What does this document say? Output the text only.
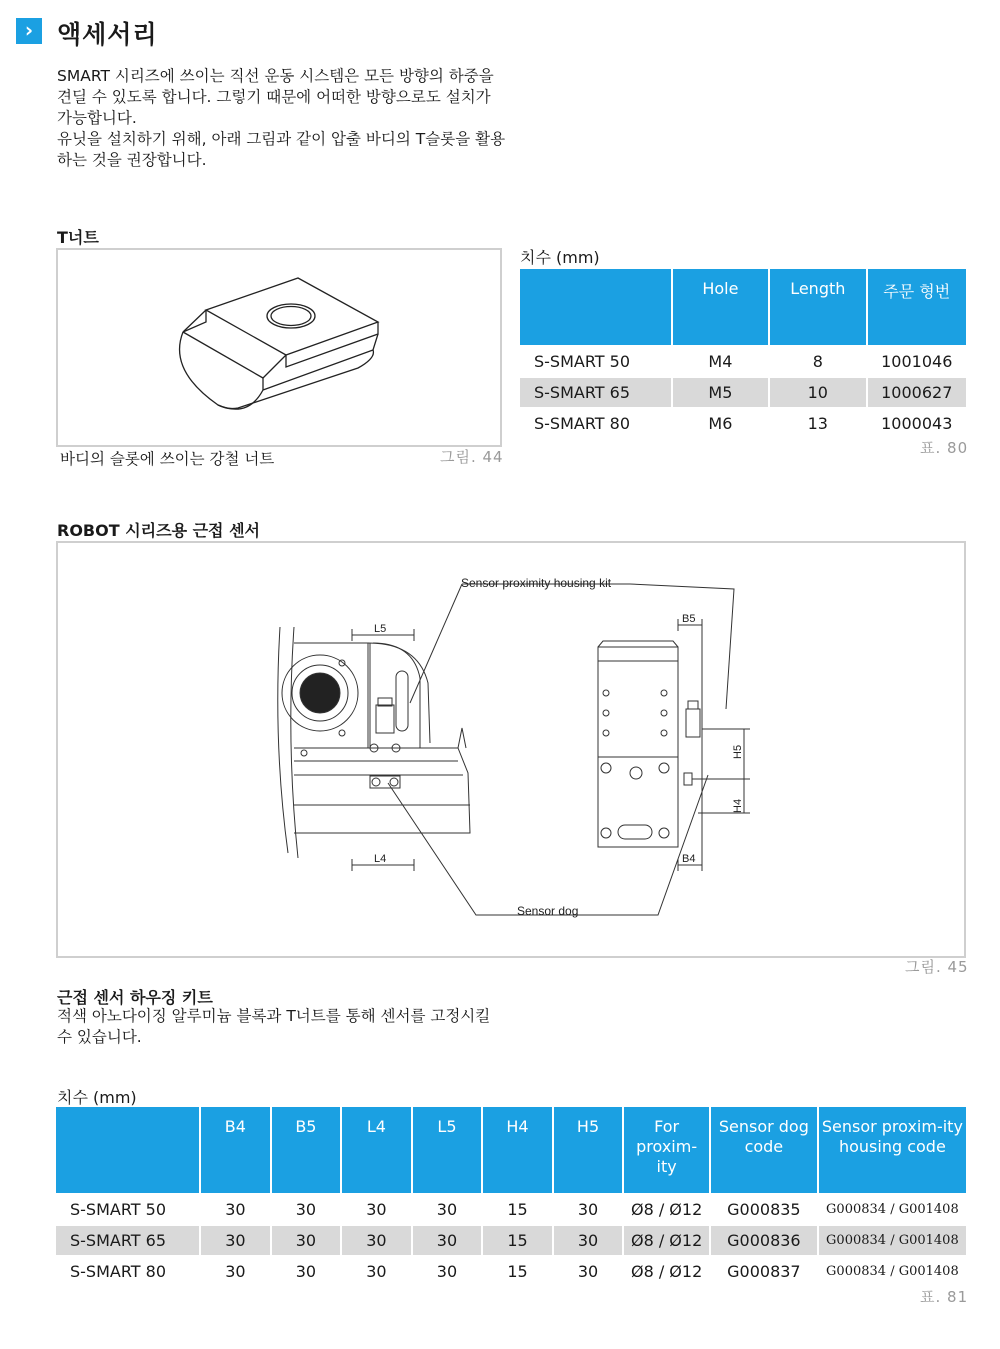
› 액세서리

SMART 시리즈에 쓰이는 직선 운동 시스템은 모든 방향의 하중을 견딜 수 있도록 합니다. 그렇기 때문에 어떠한 방향으로도 설치가 가능합니다.

유닛을 설치하기 위해, 아래 그림과 같이 압출 바디의 T슬롯을 활용하는 것을 권장합니다.

T너트
바디의 슬롯에 쓰이는 강철 너트	그림. 44
치수 (mm)
	Hole	Length	주문 형번
S-SMART 50	M4	8	1001046
S-SMART 65	M5	10	1000627
S-SMART 80	M6	13	1000043
표. 80
ROBOT 시리즈용 근접 센서
Sensor proximity housing kit
Sensor dog
L5
L4
B5
B4
H5
H4
그림. 45
근접 센서 하우징 키트
적색 아노다이징 알루미늄 블록과 T너트를 통해 센서를 고정시킬 수 있습니다.
치수 (mm)
	B4	B5	L4	L5	H4	H5	For proxim-ity	Sensor dog code	Sensor proxim-ity housing code
S-SMART 50	30	30	30	30	15	30	Ø8 / Ø12	G000835	G000834 / G001408
S-SMART 65	30	30	30	30	15	30	Ø8 / Ø12	G000836	G000834 / G001408
S-SMART 80	30	30	30	30	15	30	Ø8 / Ø12	G000837	G000834 / G001408
표. 81
